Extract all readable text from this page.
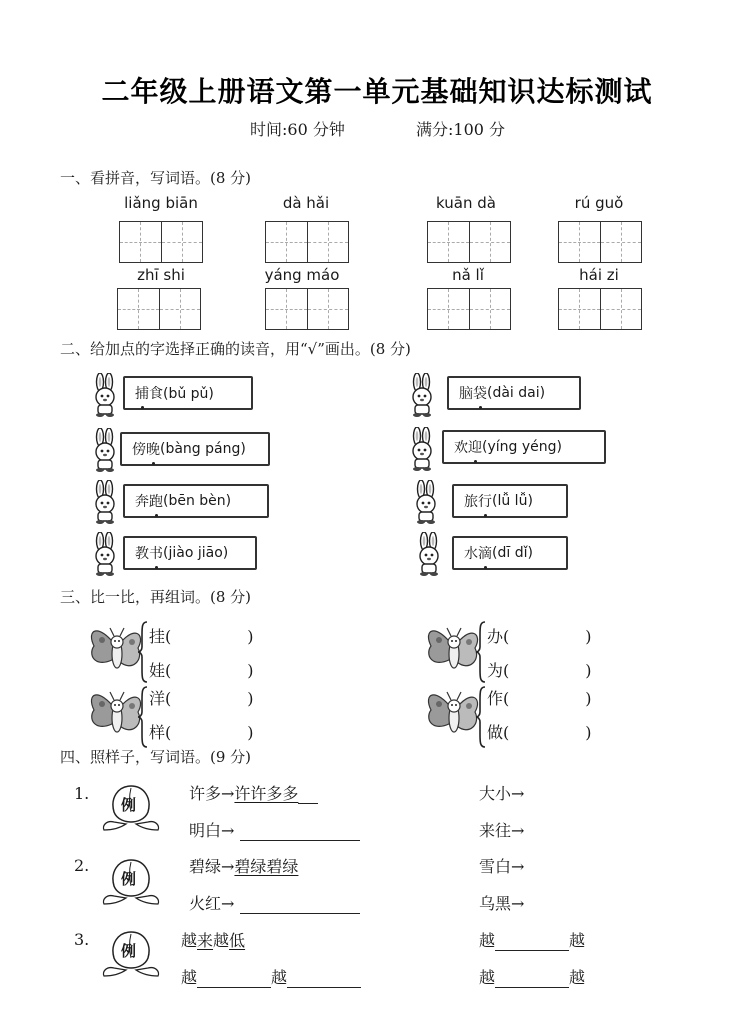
二年级上册语文第一单元基础知识达标测试
时间:60 分钟	满分:100 分
一、看拼音，写词语。(8 分)
liǎng biān	dà hǎi	kuān dà	rú guǒ
zhī shi	yáng máo	nǎ lǐ	hái zi
二、给加点的字选择正确的读音，用“√”画出。(8 分)
捕 食(bǔ pǔ)	脑 袋 (dài dai)
傍 晚 (bàng páng)	欢 迎 (yíng yéng)
奔 跑 (bēn bèn)	旅 行 (lǚ lǚ)
教 书 (jiào jiāo)	水 滴 (dī dǐ)
三、比一比，再组词。(8 分)
挂(	)
娃(	)
洋(	)
样(	)
办(	)
为(	)
作(	)
做(	)
四、照样子，写词语。(9 分)
1.
例
许多→许许多多	大小→
明白→	来往→
2.
例
碧绿→碧绿碧绿	雪白→
火红→	乌黑→
3.
例
越来越低	越	越
越	越	越	越
